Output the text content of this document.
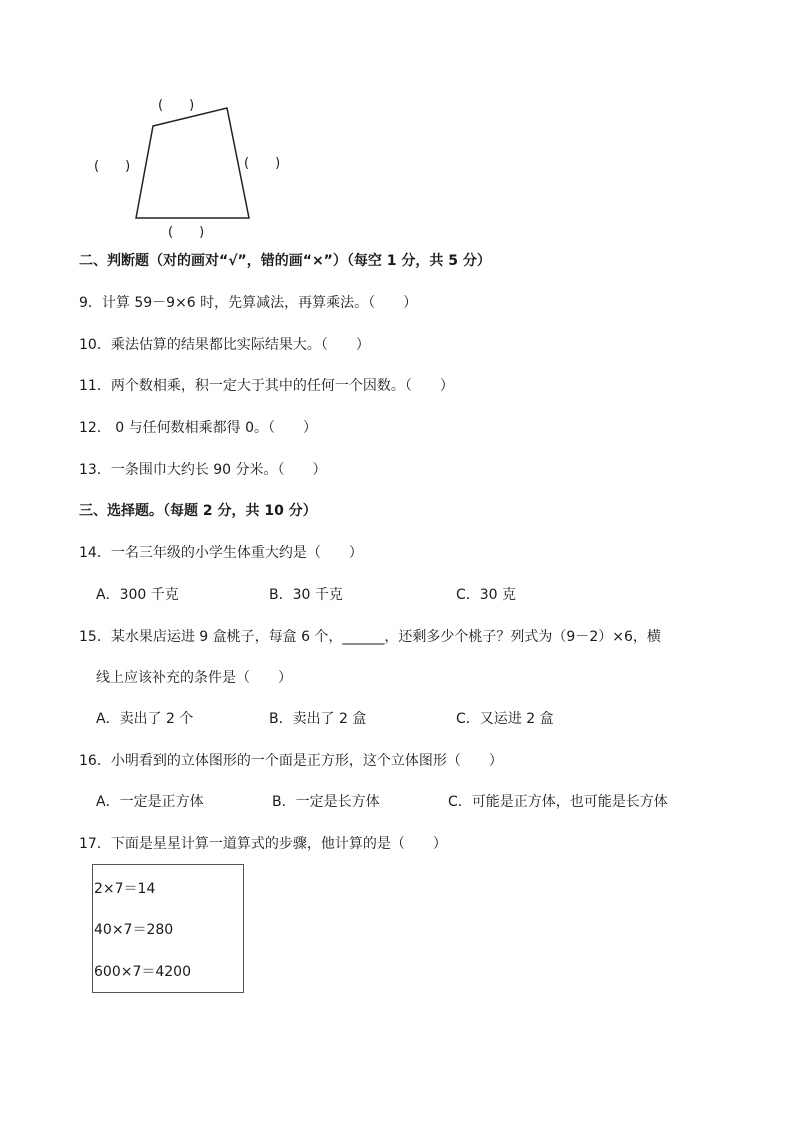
(　　)
(　　)	(　　)
(　　)
二、判断题（对的画对“√”，错的画“×”）（每空 1 分，共 5 分）
9．计算 59－9×6 时，先算减法，再算乘法。（　　）
10．乘法估算的结果都比实际结果大。（　　）
11．两个数相乘，积一定大于其中的任何一个因数。（　　）
12． 0 与任何数相乘都得 0。（　　）
13．一条围巾大约长 90 分米。（　　）
三、选择题。（每题 2 分，共 10 分）
14．一名三年级的小学生体重大约是（　　）
A．300 千克	B．30 千克	C．30 克
15．某水果店运进 9 盒桃子，每盒 6 个，______，还剩多少个桃子？列式为（9－2）×6，横
线上应该补充的条件是（　　）
A．卖出了 2 个	B．卖出了 2 盒	C．又运进 2 盒
16．小明看到的立体图形的一个面是正方形，这个立体图形（　　）
A．一定是正方体	B．一定是长方体	C．可能是正方体，也可能是长方体
17．下面是星星计算一道算式的步骤，他计算的是（　　）
2×7＝14
40×7＝280
600×7＝4200
